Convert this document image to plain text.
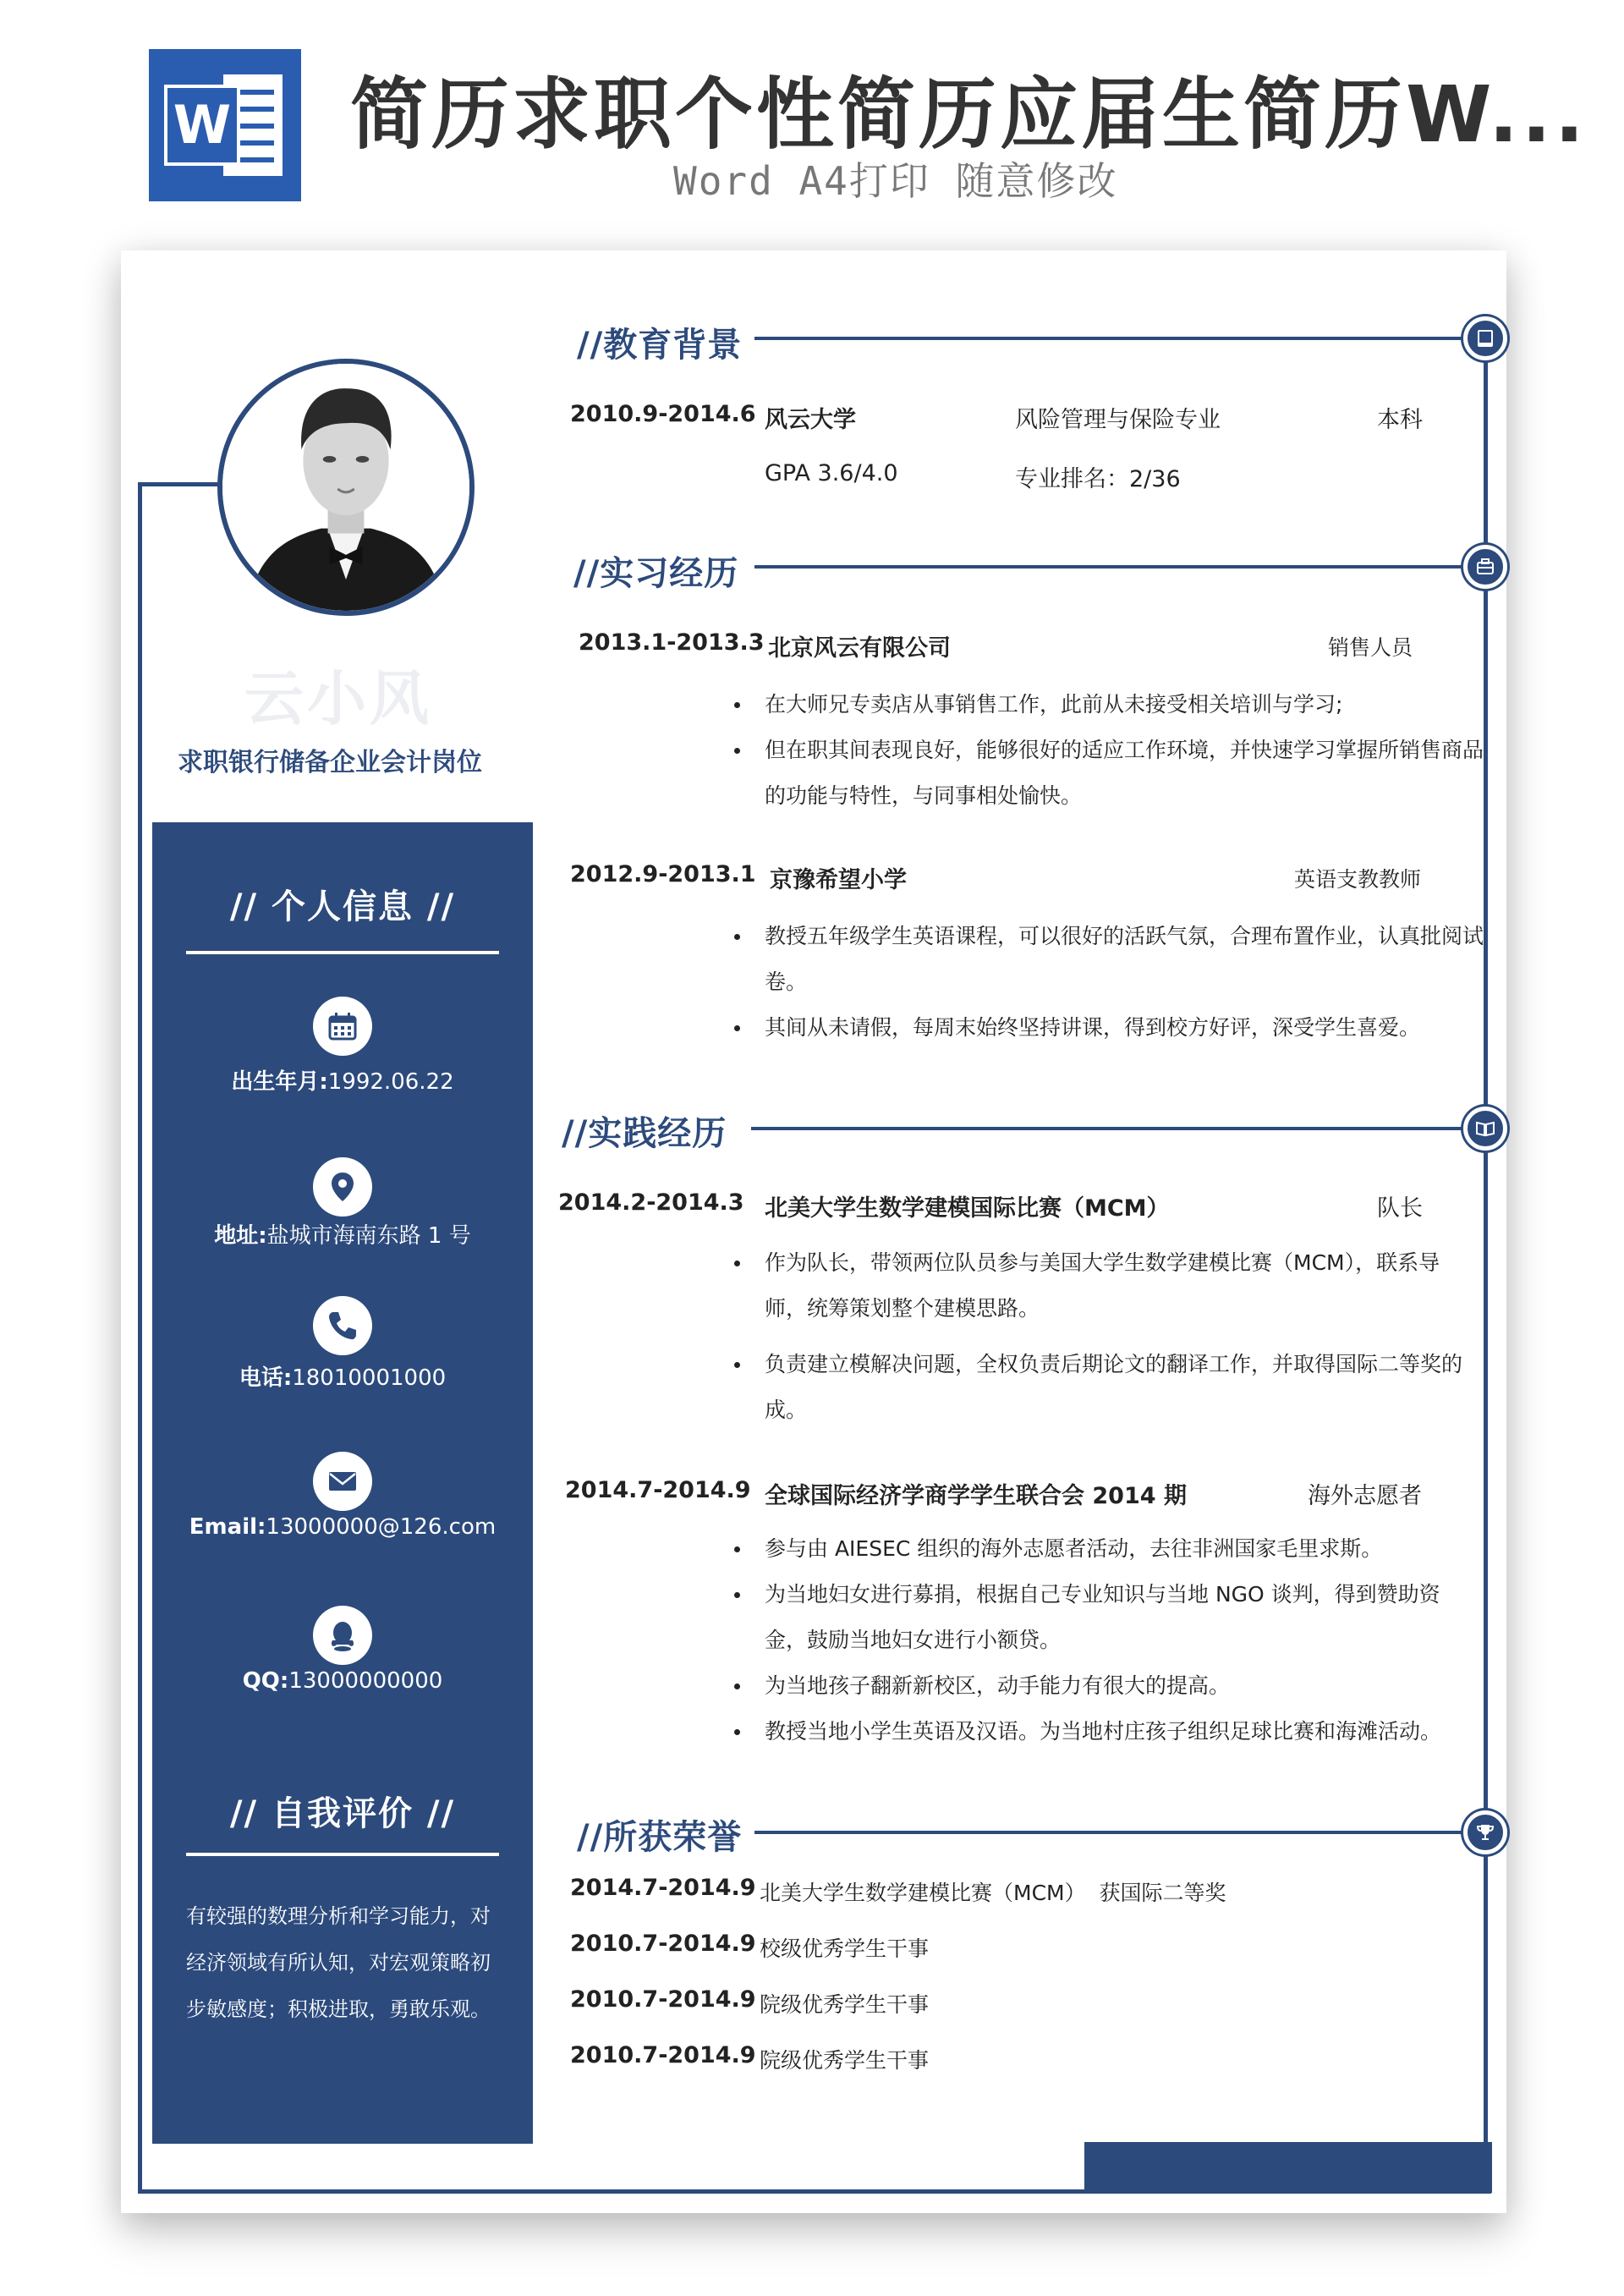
W 简历求职个性简历应届生简历W...
Word A4打印 随意修改
云小风
求职银行储备企业会计岗位
// 个人信息 //
出生年月:1992.06.22
地址:盐城市海南东路 1 号
电话:18010001000
Email:13000000@126.com
QQ:13000000000
// 自我评价 //
有较强的数理分析和学习能力，对经济领域有所认知，对宏观策略初步敏感度；积极进取，勇敢乐观。
//教育背景
2010.9-2014.6 风云大学	风险管理与保险专业	本科
GPA 3.6/4.0	专业排名：2/36
//实习经历
2013.1-2013.3 北京风云有限公司	销售人员
在大师兄专卖店从事销售工作，此前从未接受相关培训与学习;
但在职其间表现良好，能够很好的适应工作环境，并快速学习掌握所销售商品的功能与特性，与同事相处愉快。
2012.9-2013.1 京豫希望小学	英语支教教师
教授五年级学生英语课程，可以很好的活跃气氛，合理布置作业，认真批阅试卷。
其间从未请假，每周末始终坚持讲课，得到校方好评，深受学生喜爱。
//实践经历
2014.2-2014.3 北美大学生数学建模国际比赛（MCM）	队长
作为队长，带领两位队员参与美国大学生数学建模比赛（MCM），联系导师，统筹策划整个建模思路。
负责建立模解决问题，全权负责后期论文的翻译工作，并取得国际二等奖的成。
2014.7-2014.9 全球国际经济学商学学生联合会 2014 期	海外志愿者
参与由 AIESEC 组织的海外志愿者活动，去往非洲国家毛里求斯。
为当地妇女进行募捐，根据自己专业知识与当地 NGO 谈判，得到赞助资金，鼓励当地妇女进行小额贷。
为当地孩子翻新新校区，动手能力有很大的提高。
教授当地小学生英语及汉语。为当地村庄孩子组织足球比赛和海滩活动。
//所获荣誉
2014.7-2014.9 北美大学生数学建模比赛（MCM）  获国际二等奖
2010.7-2014.9 校级优秀学生干事
2010.7-2014.9 院级优秀学生干事
2010.7-2014.9 院级优秀学生干事
